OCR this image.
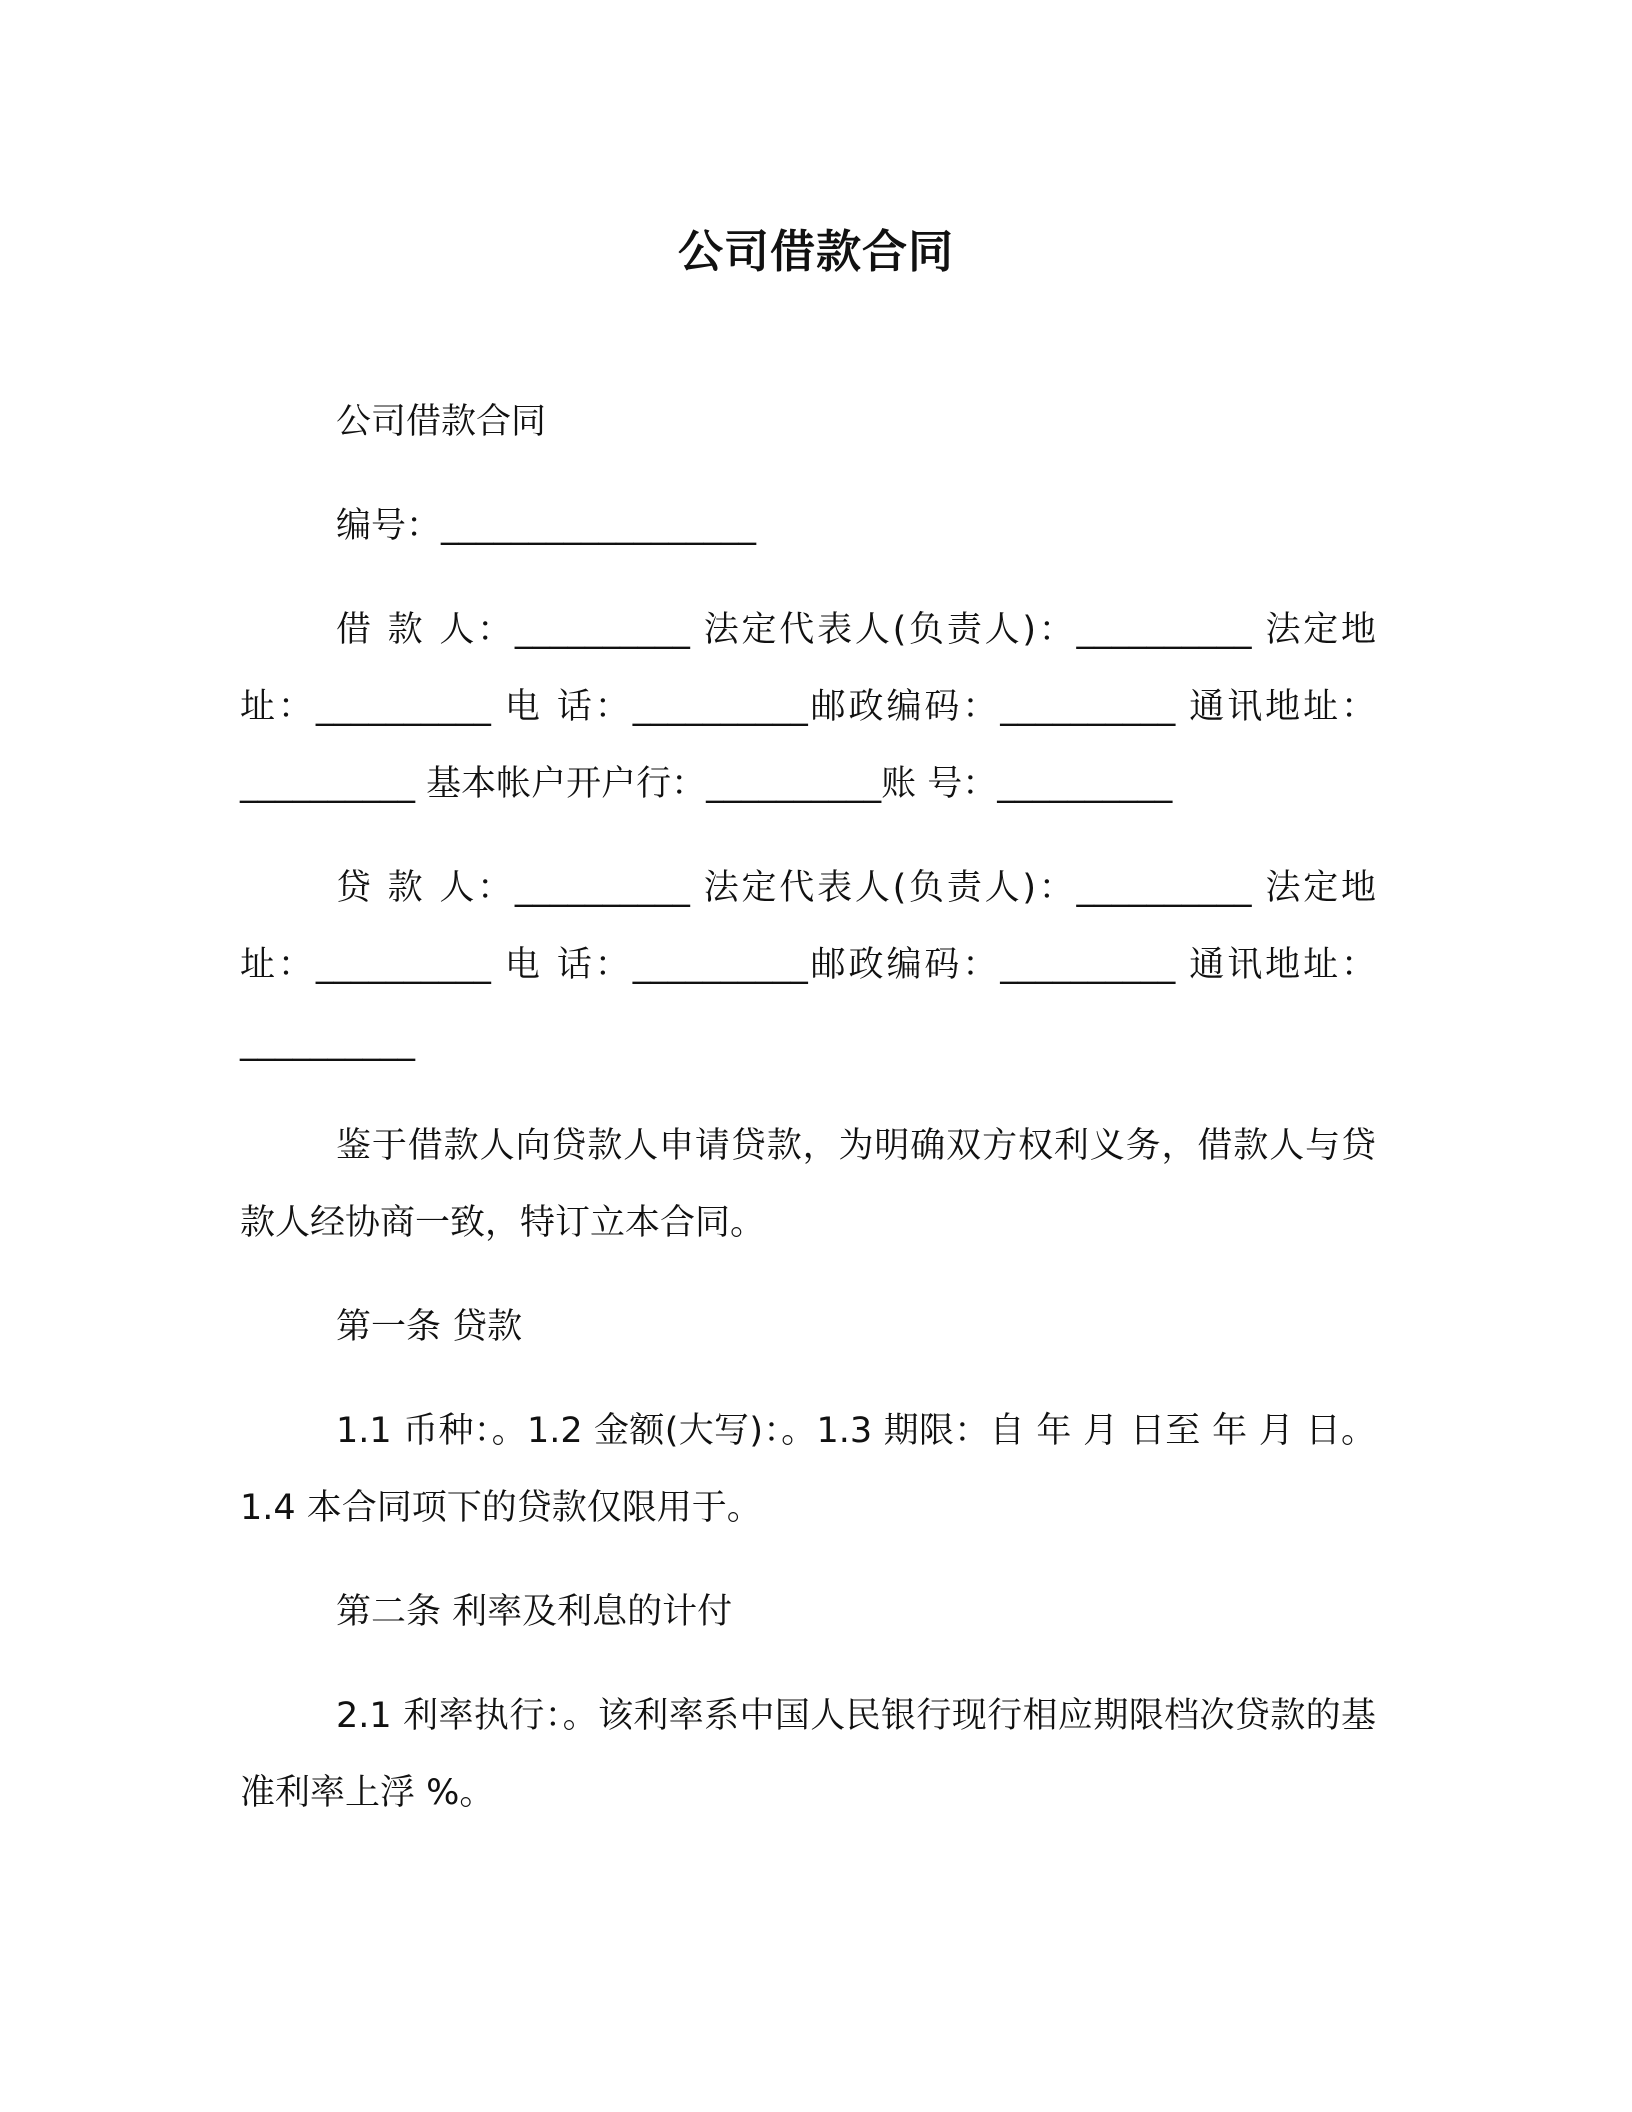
公司借款合同

公司借款合同

编号：__________________

借 款 人：__________ 法定代表人(负责人)：__________ 法定地址：__________ 电 话：__________邮政编码：__________ 通讯地址：__________ 基本帐户开户行：__________账 号：__________

贷 款 人：__________ 法定代表人(负责人)：__________ 法定地址：__________ 电 话：__________邮政编码：__________ 通讯地址：__________

鉴于借款人向贷款人申请贷款，为明确双方权利义务，借款人与贷款人经协商一致，特订立本合同。

第一条 贷款

1.1 币种：。1.2 金额(大写)：。1.3 期限：自 年 月 日至 年 月 日。1.4 本合同项下的贷款仅限用于。

第二条 利率及利息的计付

2.1 利率执行：。该利率系中国人民银行现行相应期限档次贷款的基准利率上浮 %。
